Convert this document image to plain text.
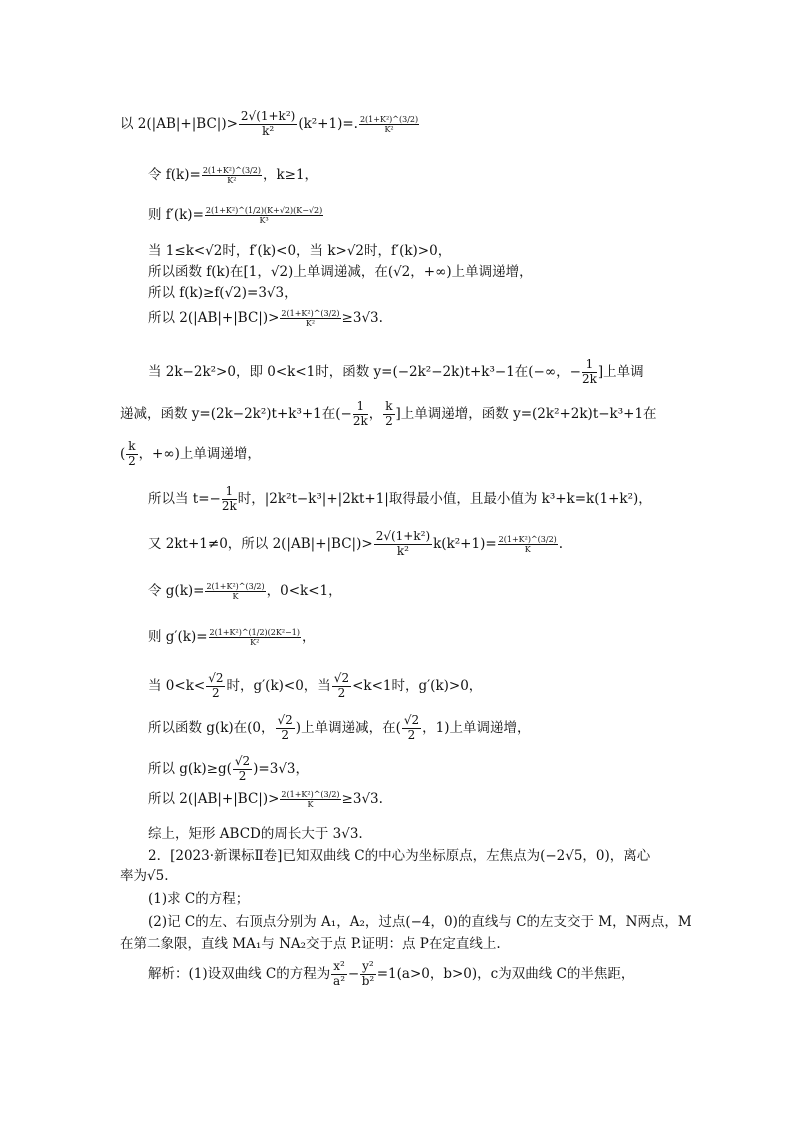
以 $2(|AB|+|BC|)> \frac{\text{2√(1+k²)}}{\text{k²}} (k^2+1)=$. $\frac{\text{2(1+K²)\textasciicircum{}(3/2)}}{\text{K²}}$
令 $f(k)= \frac{\text{2(1+K²)\textasciicircum{}(3/2)}}{\text{K²}}$ ，k≥1，
则 $f'(k)= \frac{\text{2(1+K²)\textasciicircum{}(1/2)(K+√2)(K−√2)}}{\text{K³}}$
当 1≤k<√2时，f′(k)<0，当 k>√2时，f′(k)>0，
所以函数 f(k)在[1，√2)上单调递减，在(√2，+∞)上单调递增，
所以 f(k)≥f(√2)=3√3，
所以 $2(|AB|+|BC|)> \frac{\text{2(1+K²)\textasciicircum{}(3/2)}}{\text{K²}} \ge 3√3$.
当 2k−2k²>0，即 0<k<1时，函数 y=(−2k²−2k)t+k³−1在(−∞，− $\frac{1}{2k}$ ]上单调
递减，函数 y=(2k−2k²)t+k³+1在(− $\frac{1}{2k}$ ， $\frac{k}{2}$ ]上单调递增，函数 y=(2k²+2k)t−k³+1在
( $\frac{k}{2}$ ，+∞)上单调递增，
所以当 $t=- \frac{1}{2k}$ 时，|2k²t−k³|+|2kt+1|取得最小值，且最小值为 k³+k=k(1+k²)，
又 2kt+1≠0，所以 $2(|AB|+|BC|)> \frac{\text{2√(1+k²)}}{\text{k²}} k(k^2+1)= \frac{\text{2(1+K²)\textasciicircum{}(3/2)}}{K}$ .
令 $g(k)= \frac{\text{2(1+K²)\textasciicircum{}(3/2)}}{K}$ ，0<k<1，
则 $g'(k)= \frac{\text{2(1+K²)\textasciicircum{}(1/2)(2K²−1)}}{\text{K²}}$ ，
当 $0<k< \frac{√2}{2}$ 时，g′(k)<0，当 $\frac{√2}{2} <k<1$时，g′(k)>0，
所以函数 g(k)在(0， $\frac{√2}{2}$ )上单调递减，在( $\frac{√2}{2}$ ，1)上单调递增，
所以 $g(k)\ge g( \frac{√2}{2} )=3√3$，
所以 $2(|AB|+|BC|)> \frac{\text{2(1+K²)\textasciicircum{}(3/2)}}{K} \ge 3√3$.
综上，矩形 ABCD的周长大于 3√3.
2．[2023·新课标Ⅱ卷]已知双曲线 C的中心为坐标原点，左焦点为(−2√5，0)，离心
率为√5.
(1)求 C的方程；
(2)记 C的左、右顶点分别为 A₁，A₂，过点(−4，0)的直线与 C的左支交于 M，N两点，M
在第二象限，直线 MA₁与 NA₂交于点 P.证明：点 P在定直线上.
解析：(1)设双曲线 C的方程为 $\frac{\text{x²}}{\text{a²}} - \frac{\text{y²}}{\text{b²}} =1(a>0$，b>0)，c为双曲线 C的半焦距，
